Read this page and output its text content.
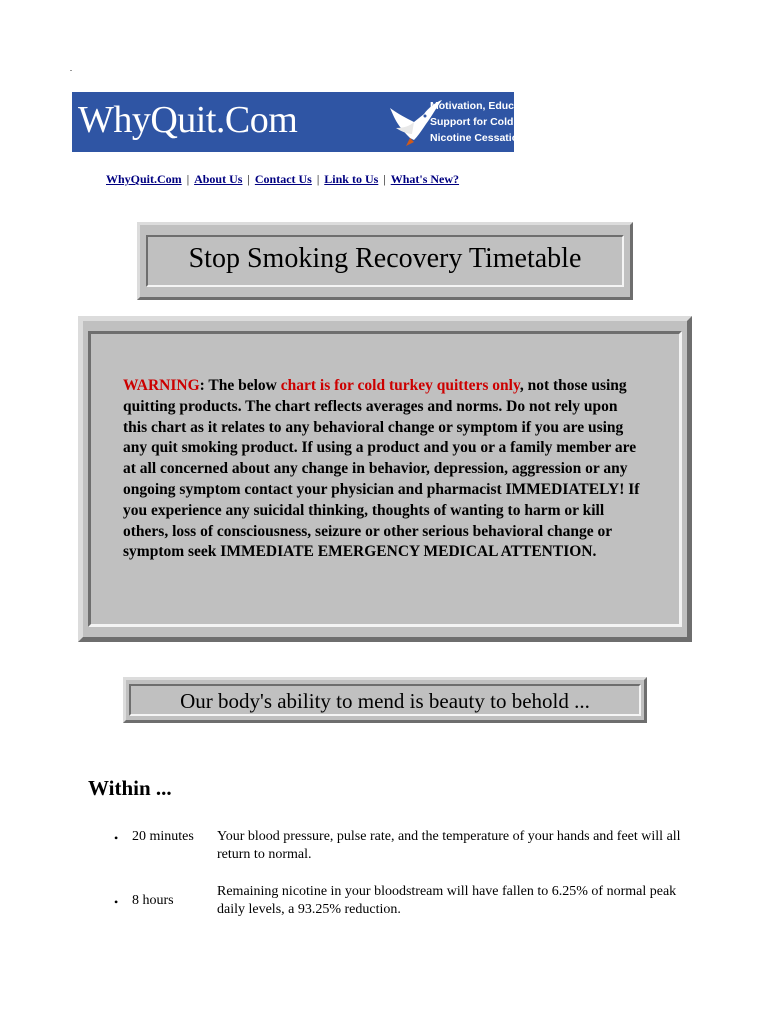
WhyQuit.Com	Motivation, Education and
Support for Cold Turkey
Nicotine Cessation
WhyQuit.Com | About Us | Contact Us | Link to Us | What's New?
Stop Smoking Recovery Timetable
WARNING: The below chart is for cold turkey quitters only, not those using quitting products. The chart reflects averages and norms. Do not rely upon this chart as it relates to any behavioral change or symptom if you are using any quit smoking product. If using a product and you or a family member are at all concerned about any change in behavior, depression, aggression or any ongoing symptom contact your physician and pharmacist IMMEDIATELY! If you experience any suicidal thinking, thoughts of wanting to harm or kill others, loss of consciousness, seizure or other serious behavioral change or symptom seek IMMEDIATE EMERGENCY MEDICAL ATTENTION.
Our body's ability to mend is beauty to behold ...
Within ...
• 20 minutes	Your blood pressure, pulse rate, and the temperature of your hands and feet will all return to normal.
• 8 hours
Remaining nicotine in your bloodstream will have fallen to 6.25% of normal peak daily levels, a 93.25% reduction.
